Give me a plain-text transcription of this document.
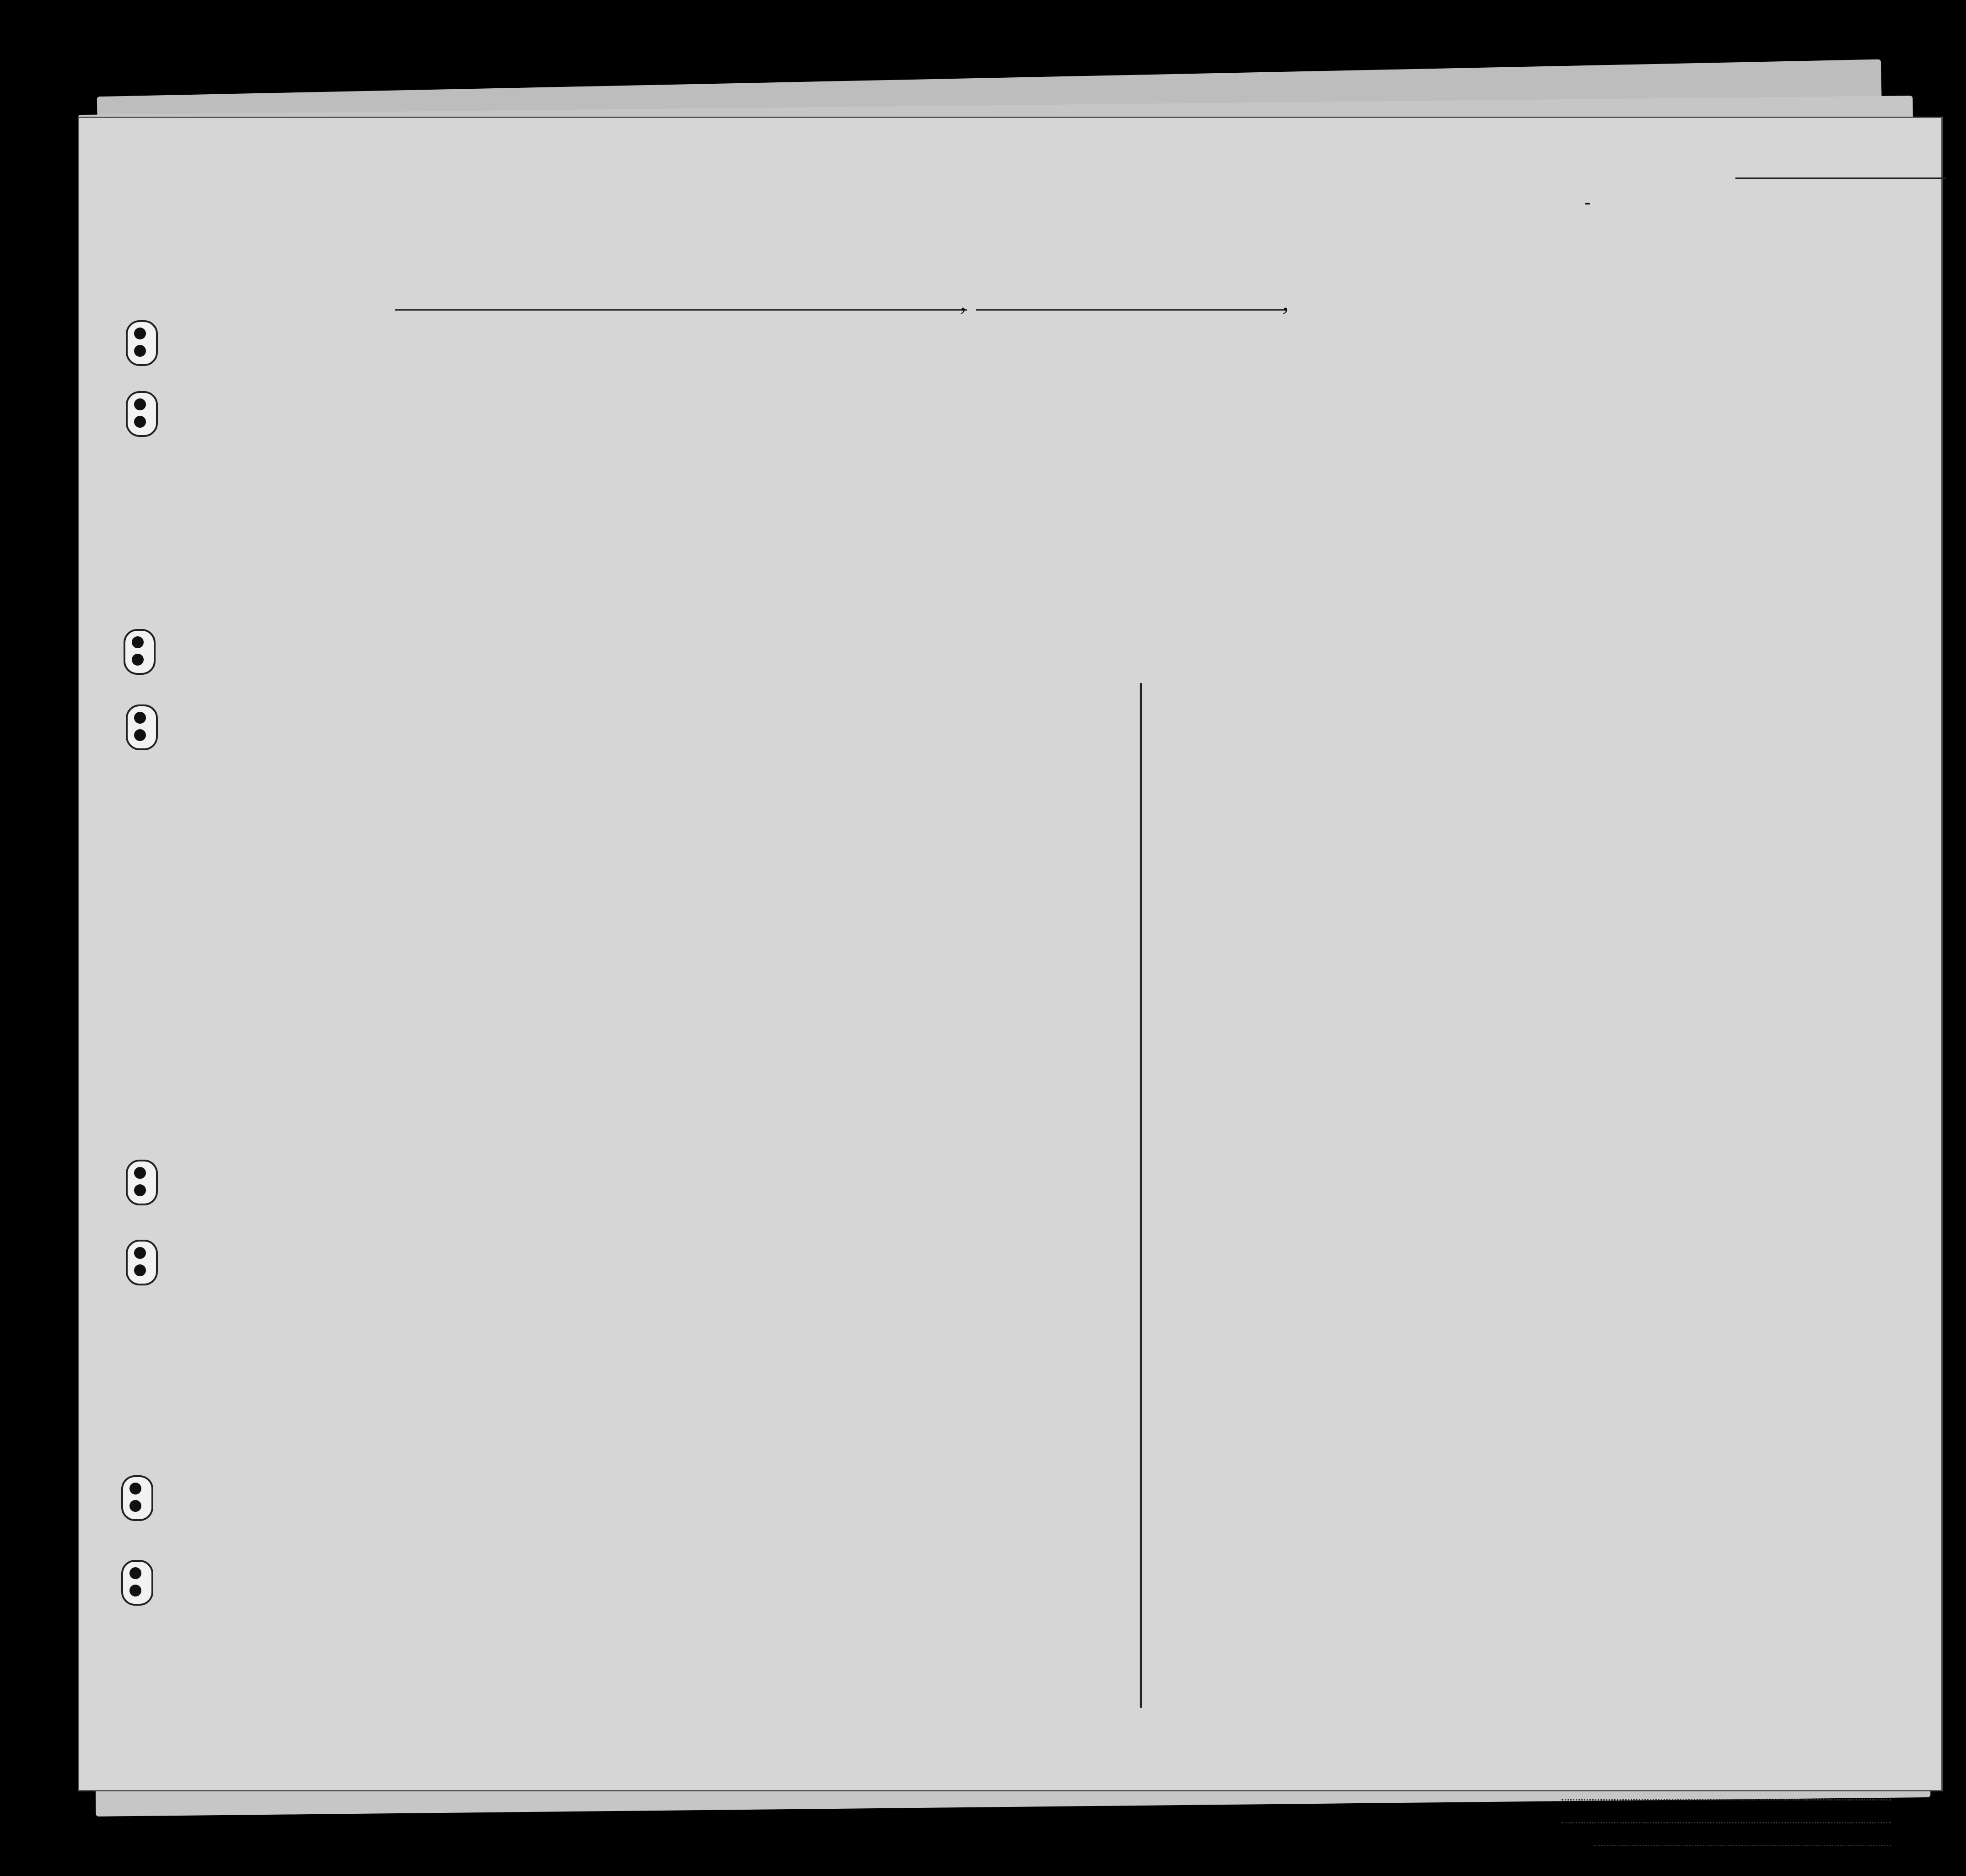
-
,	,
